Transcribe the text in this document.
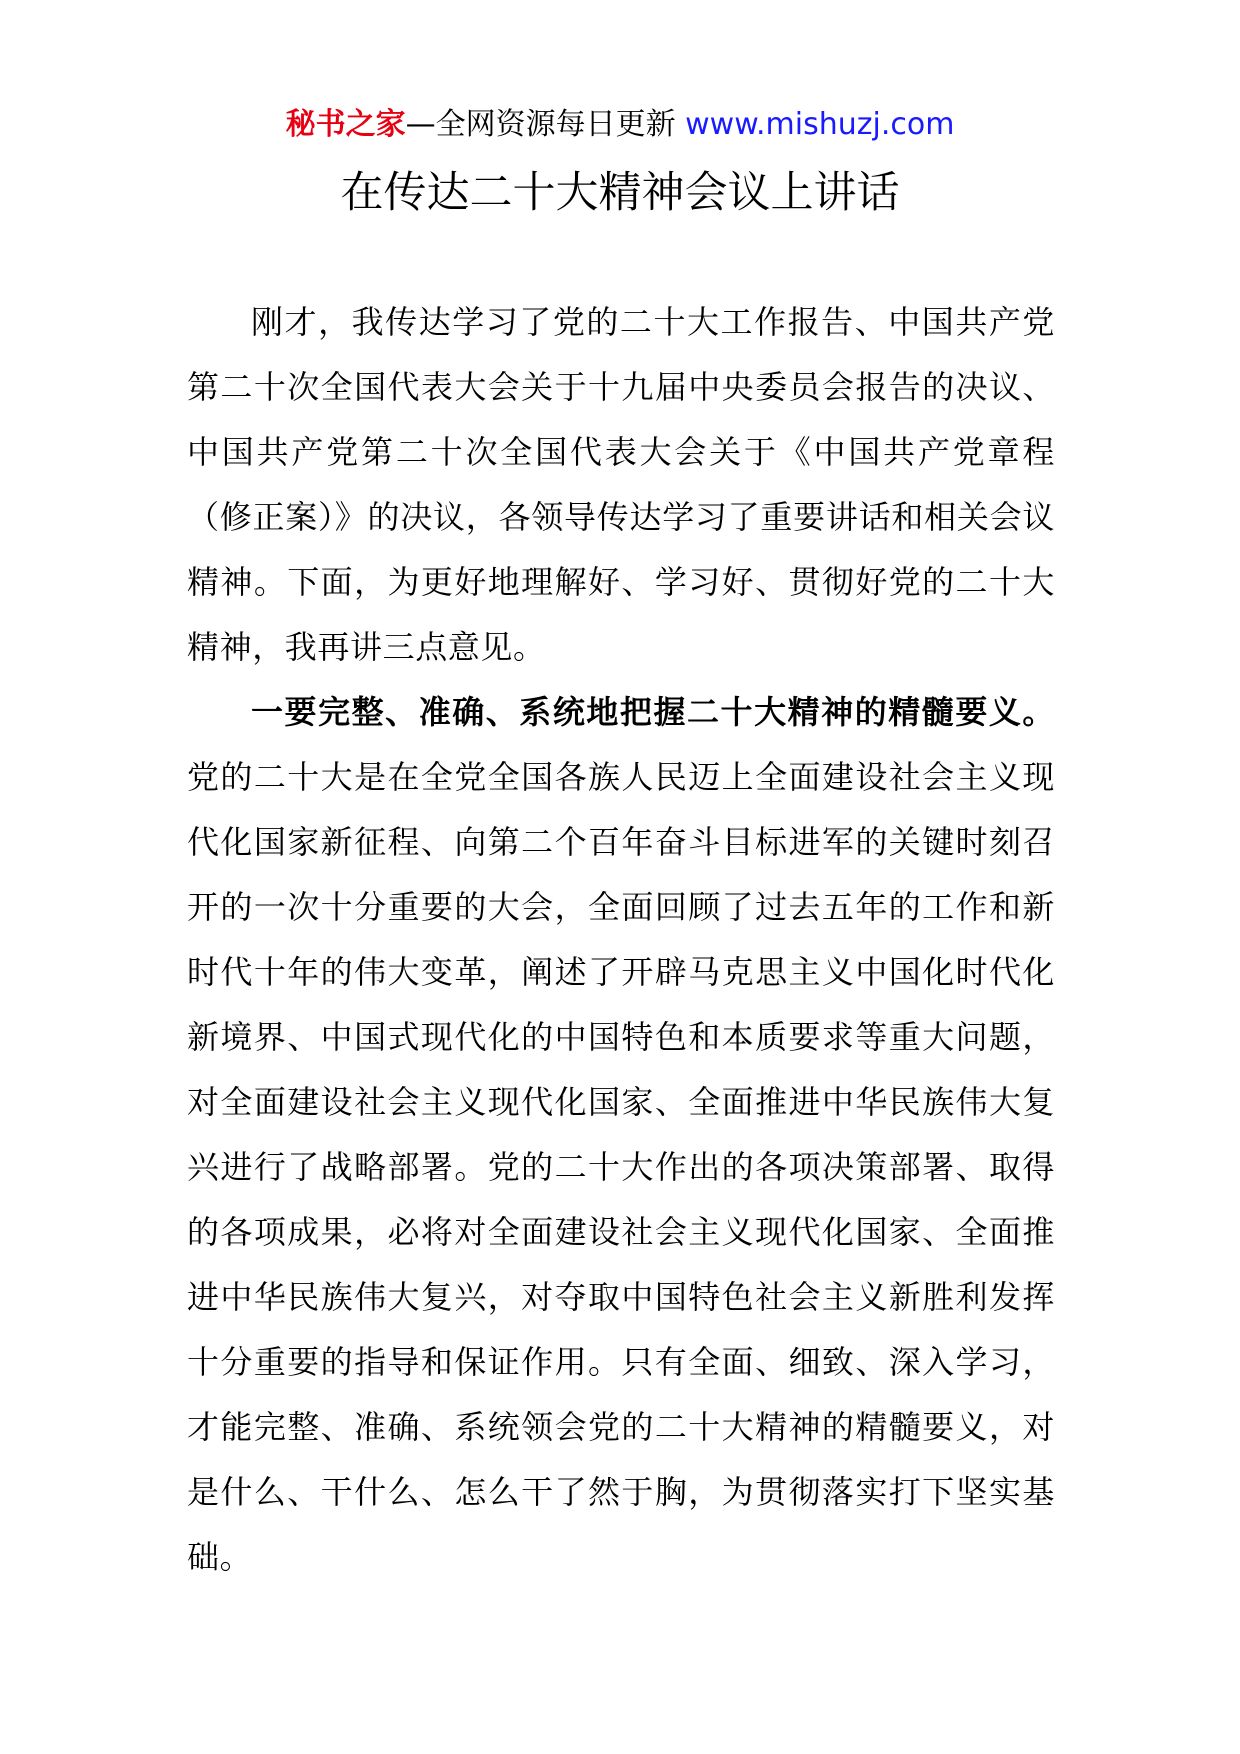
秘书之家—全网资源每日更新 www.mishuzj.com
在传达二十大精神会议上讲话

刚才，我传达学习了党的二十大工作报告、中国共产党第二十次全国代表大会关于十九届中央委员会报告的决议、中国共产党第二十次全国代表大会关于《中国共产党章程（修正案）》的决议，各领导传达学习了重要讲话和相关会议精神。下面，为更好地理解好、学习好、贯彻好党的二十大精神，我再讲三点意见。

一要完整、准确、系统地把握二十大精神的精髓要义。党的二十大是在全党全国各族人民迈上全面建设社会主义现代化国家新征程、向第二个百年奋斗目标进军的关键时刻召开的一次十分重要的大会，全面回顾了过去五年的工作和新时代十年的伟大变革，阐述了开辟马克思主义中国化时代化新境界、中国式现代化的中国特色和本质要求等重大问题，对全面建设社会主义现代化国家、全面推进中华民族伟大复兴进行了战略部署。党的二十大作出的各项决策部署、取得的各项成果，必将对全面建设社会主义现代化国家、全面推进中华民族伟大复兴，对夺取中国特色社会主义新胜利发挥十分重要的指导和保证作用。只有全面、细致、深入学习，才能完整、准确、系统领会党的二十大精神的精髓要义，对是什么、干什么、怎么干了然于胸，为贯彻落实打下坚实基础。
